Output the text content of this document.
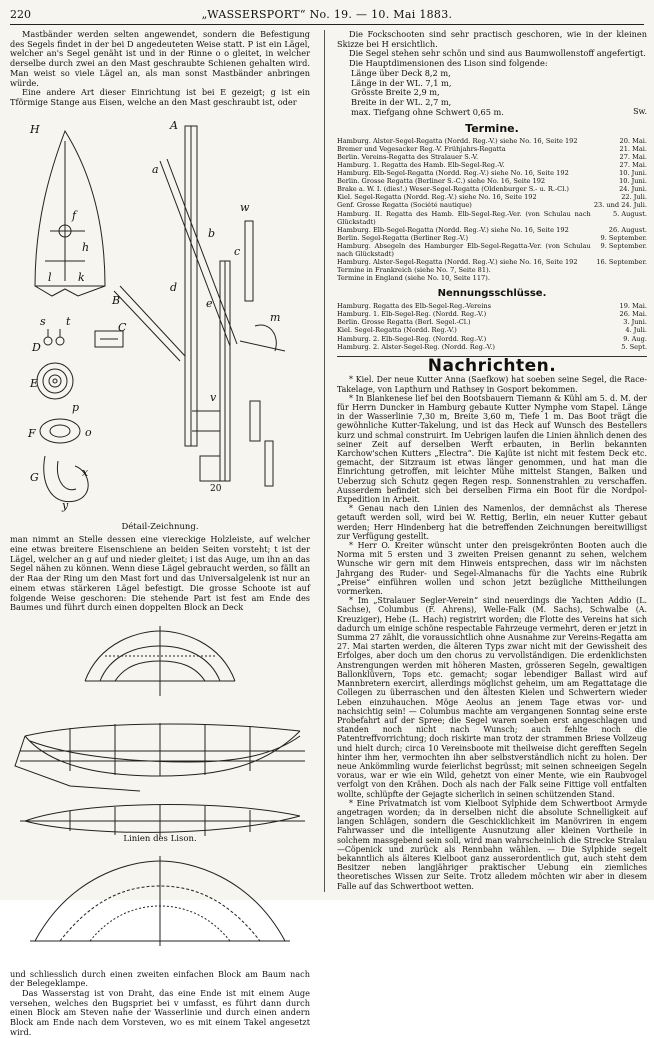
220	„WASSERSPORT“ No. 19. — 10. Mai 1883.

Mastbänder werden selten angewendet, sondern die Befestigung des Segels findet in der bei D angedeuteten Weise statt. P ist ein Lägel, welcher an's Segel genäht ist und in der Rinne o o gleitet, in welcher derselbe durch zwei an den Mast geschraubte Schienen gehalten wird. Man weist so viele Lägel an, als man sonst Mastbänder anbringen würde.

Eine andere Art dieser Einrichtung ist bei E gezeigt; g ist ein Tförmige Stange aus Eisen, welche an den Mast geschraubt ist, oder

H	A
a
b
c
d
e
f
h
k
l
m
B
C
D
E
F
G
o
p
s t
x
y
v
w
20
Détail-Zeichnung.

man nimmt an Stelle dessen eine viereckige Holzleiste, auf welcher eine etwas breitere Eisenschiene an beiden Seiten vorsteht; t ist der Lägel, welcher an g auf und nieder gleitet; i ist das Auge, um ihn an das Segel nähen zu können. Wenn diese Lägel gebraucht werden, so fällt an der Raa der Ring um den Mast fort und das Universalgelenk ist nur an einem etwas stärkeren Lägel befestigt. Die grosse Schoote ist auf folgende Weise geschoren: Die stehende Part ist fest am Ende des Baumes und führt durch einen doppelten Block an Deck

Linien des Lison.

und schliesslich durch einen zweiten einfachen Block am Baum nach der Belegeklampe.

Das Wasserstag ist von Draht, das eine Ende ist mit einem Auge versehen, welches den Bugspriet bei v umfasst, es führt dann durch einen Block am Steven nahe der Wasserlinie und durch einen andern Block am Ende nach dem Vorsteven, wo es mit einem Takel angesetzt wird.

Die Fockschooten sind sehr practisch geschoren, wie in der kleinen Skizze bei H ersichtlich.

Die Segel stehen sehr schön und sind aus Baumwollenstoff angefertigt.

Die Hauptdimensionen des Lison sind folgende:

Länge über Deck 8,2 m,
Länge in der WL. 7,1 m,
Grösste Breite 2,9 m,
Breite in der WL. 2,7 m,
max. Tiefgang ohne Schwert 0,65 m.	Sw.
Termine.
Hamburg. Alster-Segel-Regatta (Nordd. Reg.-V.) siehe No. 16, Seite 192	20. Mai.
Bremer und Vegesacker Reg.-V. Frühjahrs-Regatta	21. Mai.
Berlin. Vereins-Regatta des Stralauer S.-V.	27. Mai.
Hamburg. 1. Regatta des Hamb. Elb-Segel-Reg.-V.	27. Mai.
Hamburg. Elb-Segel-Regatta (Nordd. Reg.-V.) siehe No. 16, Seite 192	10. Juni.
Berlin. Grosse Regatta (Berliner S.-C.) siehe No. 16, Seite 192	10. Juni.
Brake a. W. I. (dies!.) Weser-Segel-Regatta (Oldenburger S.- u. R.-Cl.)	24. Juni.
Kiel. Segel-Regatta (Nordd. Reg.-V.) siehe No. 16, Seite 192	22. Juli.
Genf. Grosse Regatta (Société nautique)	23. und 24. Juli.
Hamburg. II. Regatta des Hamb. Elb-Segel-Reg.-Ver. (von Schulau nach Glückstadt)	5. August.
Hamburg. Elb-Segel-Regatta (Nordd. Reg.-V.) siehe No. 16, Seite 192	26. August.
Berlin. Segel-Regatta (Berliner Reg.-V.)	9. September.
Hamburg. Absegeln des Hamburger Elb-Segel-Regatta-Ver. (von Schulau nach Glückstadt)	9. September.
Hamburg. Alster-Segel-Regatta (Nordd. Reg.-V.) siehe No. 16, Seite 192	16. September.
Termine in Frankreich (siehe No. 7, Seite 81).	
Termine in England (siehe No. 10, Seite 117).	
Nennungsschlüsse.
Hamburg. Regatta des Elb-Segel-Reg.-Vereins	19. Mai.
Hamburg. 1. Elb-Segel-Reg. (Nordd. Reg.-V.)	26. Mai.
Berlin. Grosse Regatta (Berl. Segel.-Cl.)	3. Juni.
Kiel. Segel-Regatta (Nordd. Reg.-V.)	4. Juli.
Hamburg. 2. Elb-Segel-Reg. (Nordd. Reg.-V.)	9. Aug.
Hamburg. 2. Alster-Segel-Reg. (Nordd. Reg.-V.)	5. Sept.
Nachrichten.

* Kiel. Der neue Kutter Anna (Saefkow) hat soeben seine Segel, die Race-Takelage, von Lapthurn und Rathsey in Gosport bekommen.

* In Blankenese lief bei den Bootsbauern Tiemann & Kühl am 5. d. M. der für Herrn Duncker in Hamburg gebaute Kutter Nymphe vom Stapel. Länge in der Wasserlinie 7,30 m, Breite 3,60 m, Tiefe 1 m. Das Boot trägt die gewöhnliche Kutter-Takelung, und ist das Heck auf Wunsch des Bestellers kurz und schmal construirt. Im Uebrigen laufen die Linien ähnlich denen des seiner Zeit auf derselben Werft erbauten, in Berlin bekannten Karchow'schen Kutters „Electra“. Die Kajüte ist nicht mit festem Deck etc. gemacht, der Sitzraum ist etwas länger genommen, und hat man die Einrichtung getroffen, mit leichter Mühe mittelst Stangen, Balken und Ueberzug sich Schutz gegen Regen resp. Sonnenstrahlen zu verschaffen. Ausserdem befindet sich bei derselben Firma ein Boot für die Nordpol-Expedition in Arbeit.

* Genau nach den Linien des Namenlos, der demnächst als Therese getauft werden soll, wird bei W. Rettig, Berlin, ein neuer Kutter gebaut werden; Herr Hindenberg hat die betreffenden Zeichnungen bereitwilligst zur Verfügung gestellt.

* Herr O. Kreiter wünscht unter den preisgekrönten Booten auch die Norma mit 5 ersten und 3 zweiten Preisen genannt zu sehen, welchem Wunsche wir gern mit dem Hinweis entsprechen, dass wir im nächsten Jahrgang des Ruder- und Segel-Almanachs für die Yachts eine Rubrik „Preise“ einführen wollen und schon jetzt bezügliche Mittheilungen vormerken.

* Im „Stralauer Segler-Verein“ sind neuerdings die Yachten Addio (L. Sachse), Columbus (F. Ahrens), Welle-Falk (M. Sachs), Schwalbe (A. Kreuziger), Hebe (L. Hach) registrirt worden; die Flotte des Vereins hat sich dadurch um einige schöne respectable Fahrzeuge vermehrt, deren er jetzt in Summa 27 zählt, die voraussichtlich ohne Ausnahme zur Vereins-Regatta am 27. Mai starten werden, die älteren Typs zwar nicht mit der Gewissheit des Erfolges, aber doch um den chorus zu vervollständigen. Die erdenklichsten Anstrengungen werden mit höheren Masten, grösseren Segeln, gewaltigen Ballonklüvern, Tops etc. gemacht; sogar lebendiger Ballast wird auf Mannbretern exercirt, allerdings möglichst geheim, um am Regattatage die Collegen zu überraschen und den ältesten Kielen und Schwertern wieder Leben einzuhauchen. Möge Aeolus an jenem Tage etwas vor- und nachsichtig sein! — Columbus machte am vergangenen Sonntag seine erste Probefahrt auf der Spree; die Segel waren soeben erst angeschlagen und standen noch nicht nach Wunsch; auch fehlte noch die Patentreffvorrichtung; doch riskirte man trotz der strammen Briese Vollzeug und hielt durch; circa 10 Vereinsboote mit theilweise dicht gerefften Segeln hinter ihm her, vermochten ihn aber selbstverständlich nicht zu holen. Der neue Ankömmling wurde feierlichst begrüsst; mit seinen schneeigen Segeln voraus, war er wie ein Wild, gehetzt von einer Mente, wie ein Raubvogel verfolgt von den Krähen. Doch als nach der Falk seine Fittige voll entfalten wollte, schlüpfte der Gejagte sicherlich in seinen schützenden Stand.

* Eine Privatmatch ist vom Kielboot Sylphide dem Schwertboot Armyde angetragen worden; da in derselben nicht die absolute Schnelligkeit auf langen Schlägen, sondern die Geschicklichkeit im Manövriren in engem Fahrwasser und die intelligente Ausnutzung aller kleinen Vortheile in solchem massgebend sein soll, wird man wahrscheinlich die Strecke Stralau—Cöpenick und zurück als Rennbahn wählen. — Die Sylphide segelt bekanntlich als älteres Kielboot ganz ausserordentlich gut, auch steht dem Besitzer neben langjähriger praktischer Uebung ein ziemliches theoretisches Wissen zur Seite. Trotz alledem möchten wir aber in diesem Falle auf das Schwertboot wetten.
